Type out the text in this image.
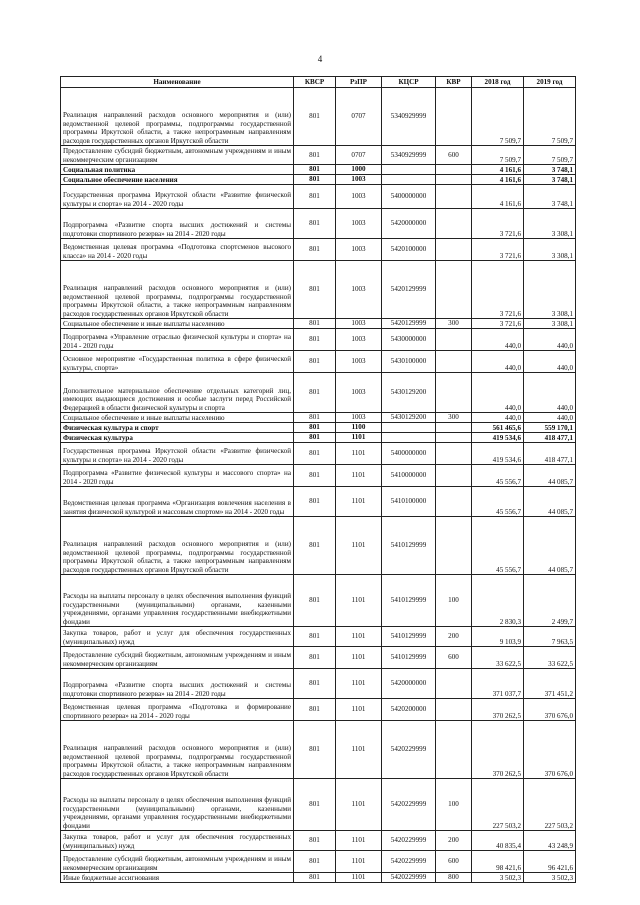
4
Наименование	КВСР	РзПР	КЦСР	КВР	2018 год	2019 год
Реализация направлений расходов основного мероприятия и (или) ведомственной целевой программы, подпрограммы государственной программы Иркутской области, а также непрограммным направлениям расходов государственных органов Иркутской области	801	0707	5340929999		7 509,7	7 509,7
Предоставление субсидий бюджетным, автономным учреждениям и иным некоммерческим организациям	801	0707	5340929999	600	7 509,7	7 509,7
Социальная политика	801	1000			4 161,6	3 748,1
Социальное обеспечение населения	801	1003			4 161,6	3 748,1
Государственная программа Иркутской области «Развитие физической культуры и спорта» на 2014 - 2020 годы	801	1003	5400000000		4 161,6	3 748,1
Подпрограмма «Развитие спорта высших достижений и системы подготовки спортивного резерва» на 2014 - 2020 годы	801	1003	5420000000		3 721,6	3 308,1
Ведомственная целевая программа «Подготовка спортсменов высокого класса» на 2014 - 2020 годы	801	1003	5420100000		3 721,6	3 308,1
Реализация направлений расходов основного мероприятия и (или) ведомственной целевой программы, подпрограммы государственной программы Иркутской области, а также непрограммным направлениям расходов государственных органов Иркутской области	801	1003	5420129999		3 721,6	3 308,1
Социальное обеспечение и иные выплаты населению	801	1003	5420129999	300	3 721,6	3 308,1
Подпрограмма «Управление отраслью физической культуры и спорта» на 2014 - 2020 годы	801	1003	5430000000		440,0	440,0
Основное мероприятие «Государственная политика в сфере физической культуры, спорта»	801	1003	5430100000		440,0	440,0
Дополнительное материальное обеспечение отдельных категорий лиц, имеющих выдающиеся достижения и особые заслуги перед Российской Федерацией в области физической культуры и спорта	801	1003	5430129200		440,0	440,0
Социальное обеспечение и иные выплаты населению	801	1003	5430129200	300	440,0	440,0
Физическая культура и спорт	801	1100			561 465,6	559 170,1
Физическая культура	801	1101			419 534,6	418 477,1
Государственная программа Иркутской области «Развитие физической культуры и спорта» на 2014 - 2020 годы	801	1101	5400000000		419 534,6	418 477,1
Подпрограмма «Развитие физической культуры и массового спорта» на 2014 - 2020 годы	801	1101	5410000000		45 556,7	44 085,7
Ведомственная целевая программа «Организация вовлечения населения в занятия физической культурой и массовым спортом» на 2014 - 2020 годы	801	1101	5410100000		45 556,7	44 085,7
Реализация направлений расходов основного мероприятия и (или) ведомственной целевой программы, подпрограммы государственной программы Иркутской области, а также непрограммным направлениям расходов государственных органов Иркутской области	801	1101	5410129999		45 556,7	44 085,7
Расходы на выплаты персоналу в целях обеспечения выполнения функций государственными (муниципальными) органами, казенными учреждениями, органами управления государственными внебюджетными фондами	801	1101	5410129999	100	2 830,3	2 499,7
Закупка товаров, работ и услуг для обеспечения государственных (муниципальных) нужд	801	1101	5410129999	200	9 103,9	7 963,5
Предоставление субсидий бюджетным, автономным учреждениям и иным некоммерческим организациям	801	1101	5410129999	600	33 622,5	33 622,5
Подпрограмма «Развитие спорта высших достижений и системы подготовки спортивного резерва» на 2014 - 2020 годы	801	1101	5420000000		371 037,7	371 451,2
Ведомственная целевая программа «Подготовка и формирование спортивного резерва» на 2014 - 2020 годы	801	1101	5420200000		370 262,5	370 676,0
Реализация направлений расходов основного мероприятия и (или) ведомственной целевой программы, подпрограммы государственной программы Иркутской области, а также непрограммным направлениям расходов государственных органов Иркутской области	801	1101	5420229999		370 262,5	370 676,0
Расходы на выплаты персоналу в целях обеспечения выполнения функций государственными (муниципальными) органами, казенными учреждениями, органами управления государственными внебюджетными фондами	801	1101	5420229999	100	227 503,2	227 503,2
Закупка товаров, работ и услуг для обеспечения государственных (муниципальных) нужд	801	1101	5420229999	200	40 835,4	43 248,9
Предоставление субсидий бюджетным, автономным учреждениям и иным некоммерческим организациям	801	1101	5420229999	600	98 421,6	96 421,6
Иные бюджетные ассигнования	801	1101	5420229999	800	3 502,3	3 502,3
